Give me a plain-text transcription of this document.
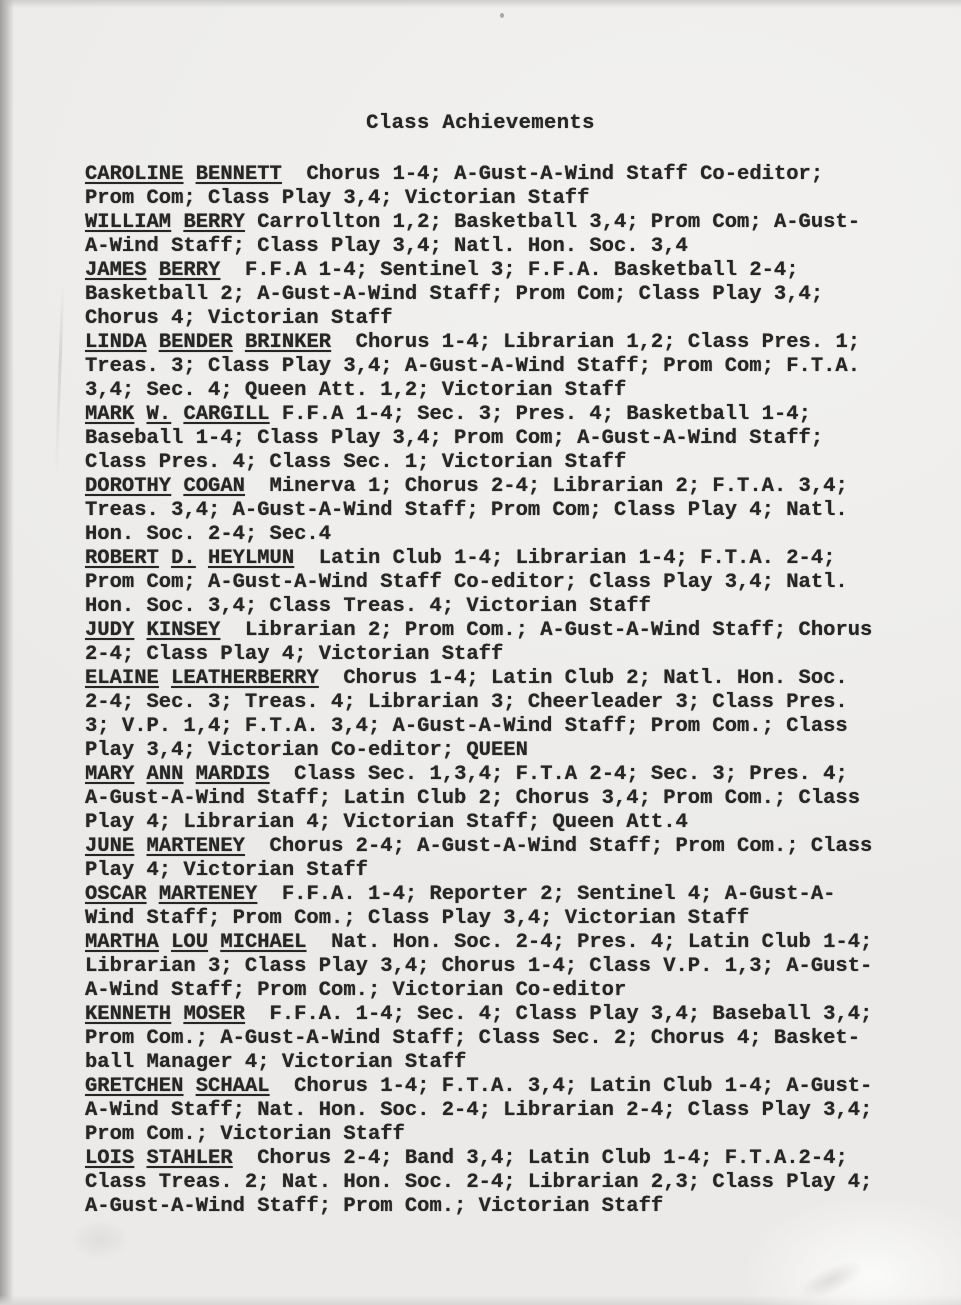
Class Achievements
CAROLINE BENNETT  Chorus 1-4; A-Gust-A-Wind Staff Co-editor;
Prom Com; Class Play 3,4; Victorian Staff
WILLIAM BERRY Carrollton 1,2; Basketball 3,4; Prom Com; A-Gust-
A-Wind Staff; Class Play 3,4; Natl. Hon. Soc. 3,4
JAMES BERRY  F.F.A 1-4; Sentinel 3; F.F.A. Basketball 2-4;
Basketball 2; A-Gust-A-Wind Staff; Prom Com; Class Play 3,4;
Chorus 4; Victorian Staff
LINDA BENDER BRINKER  Chorus 1-4; Librarian 1,2; Class Pres. 1;
Treas. 3; Class Play 3,4; A-Gust-A-Wind Staff; Prom Com; F.T.A.
3,4; Sec. 4; Queen Att. 1,2; Victorian Staff
MARK W. CARGILL F.F.A 1-4; Sec. 3; Pres. 4; Basketball 1-4;
Baseball 1-4; Class Play 3,4; Prom Com; A-Gust-A-Wind Staff;
Class Pres. 4; Class Sec. 1; Victorian Staff
DOROTHY COGAN  Minerva 1; Chorus 2-4; Librarian 2; F.T.A. 3,4;
Treas. 3,4; A-Gust-A-Wind Staff; Prom Com; Class Play 4; Natl.
Hon. Soc. 2-4; Sec.4
ROBERT D. HEYLMUN  Latin Club 1-4; Librarian 1-4; F.T.A. 2-4;
Prom Com; A-Gust-A-Wind Staff Co-editor; Class Play 3,4; Natl.
Hon. Soc. 3,4; Class Treas. 4; Victorian Staff
JUDY KINSEY  Librarian 2; Prom Com.; A-Gust-A-Wind Staff; Chorus
2-4; Class Play 4; Victorian Staff
ELAINE LEATHERBERRY  Chorus 1-4; Latin Club 2; Natl. Hon. Soc.
2-4; Sec. 3; Treas. 4; Librarian 3; Cheerleader 3; Class Pres.
3; V.P. 1,4; F.T.A. 3,4; A-Gust-A-Wind Staff; Prom Com.; Class
Play 3,4; Victorian Co-editor; QUEEN
MARY ANN MARDIS  Class Sec. 1,3,4; F.T.A 2-4; Sec. 3; Pres. 4;
A-Gust-A-Wind Staff; Latin Club 2; Chorus 3,4; Prom Com.; Class
Play 4; Librarian 4; Victorian Staff; Queen Att.4
JUNE MARTENEY  Chorus 2-4; A-Gust-A-Wind Staff; Prom Com.; Class
Play 4; Victorian Staff
OSCAR MARTENEY  F.F.A. 1-4; Reporter 2; Sentinel 4; A-Gust-A-
Wind Staff; Prom Com.; Class Play 3,4; Victorian Staff
MARTHA LOU MICHAEL  Nat. Hon. Soc. 2-4; Pres. 4; Latin Club 1-4;
Librarian 3; Class Play 3,4; Chorus 1-4; Class V.P. 1,3; A-Gust-
A-Wind Staff; Prom Com.; Victorian Co-editor
KENNETH MOSER  F.F.A. 1-4; Sec. 4; Class Play 3,4; Baseball 3,4;
Prom Com.; A-Gust-A-Wind Staff; Class Sec. 2; Chorus 4; Basket-
ball Manager 4; Victorian Staff
GRETCHEN SCHAAL  Chorus 1-4; F.T.A. 3,4; Latin Club 1-4; A-Gust-
A-Wind Staff; Nat. Hon. Soc. 2-4; Librarian 2-4; Class Play 3,4;
Prom Com.; Victorian Staff
LOIS STAHLER  Chorus 2-4; Band 3,4; Latin Club 1-4; F.T.A.2-4;
Class Treas. 2; Nat. Hon. Soc. 2-4; Librarian 2,3; Class Play 4;
A-Gust-A-Wind Staff; Prom Com.; Victorian Staff
